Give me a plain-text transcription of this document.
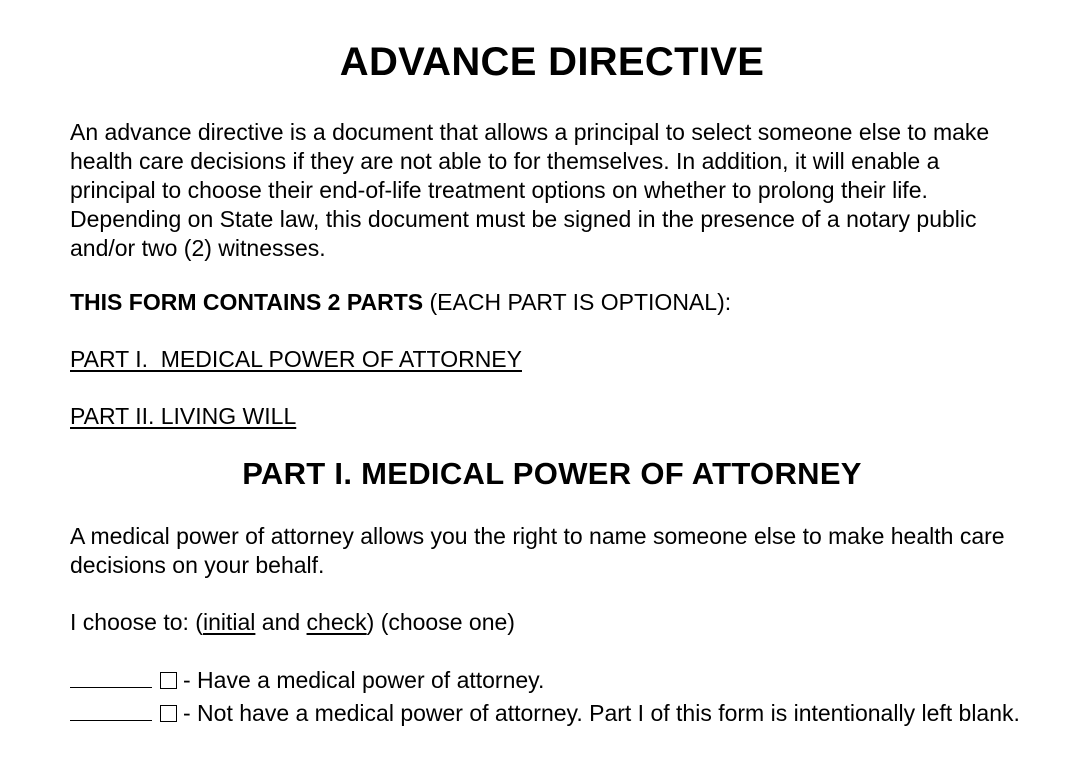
ADVANCE DIRECTIVE

An advance directive is a document that allows a principal to select someone else to make health care decisions if they are not able to for themselves. In addition, it will enable a principal to choose their end-of-life treatment options on whether to prolong their life. Depending on State law, this document must be signed in the presence of a notary public and/or two (2) witnesses.

THIS FORM CONTAINS 2 PARTS (EACH PART IS OPTIONAL):

PART I.  MEDICAL POWER OF ATTORNEY

PART II. LIVING WILL

PART I. MEDICAL POWER OF ATTORNEY

A medical power of attorney allows you the right to name someone else to make health care decisions on your behalf.

I choose to: (initial and check) (choose one)

- Have a medical power of attorney.

- Not have a medical power of attorney. Part I of this form is intentionally left blank.
